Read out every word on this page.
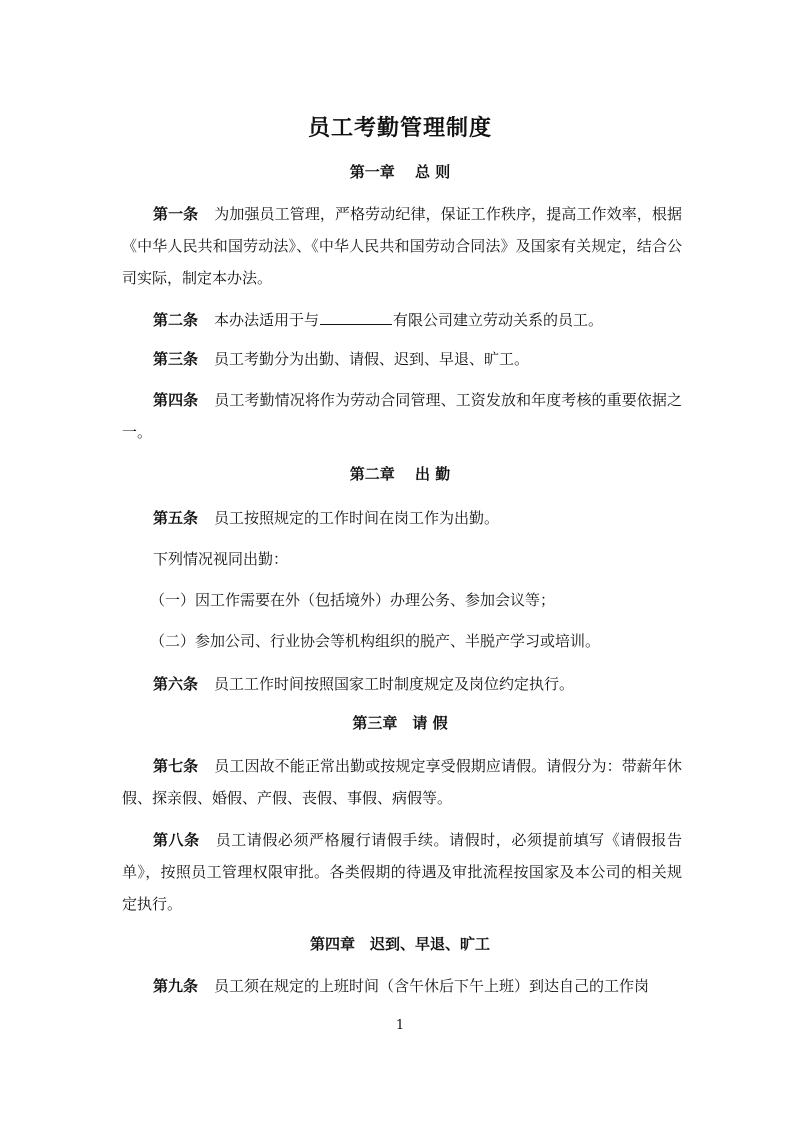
员工考勤管理制度
第一章　 总 则
第一条 为加强员工管理，严格劳动纪律，保证工作秩序，提高工作效率，根据《中华人民共和国劳动法》、《中华人民共和国劳动合同法》及国家有关规定，结合公司实际，制定本办法。
第二条 本办法适用于与	有限公司建立劳动关系的员工。
第三条 员工考勤分为出勤、请假、迟到、早退、旷工。
第四条 员工考勤情况将作为劳动合同管理、工资发放和年度考核的重要依据之一。
第二章　 出 勤
第五条 员工按照规定的工作时间在岗工作为出勤。
下列情况视同出勤：
（一）因工作需要在外（包括境外）办理公务、参加会议等；
（二）参加公司、行业协会等机构组织的脱产、半脱产学习或培训。
第六条 员工工作时间按照国家工时制度规定及岗位约定执行。
第三章　请 假
第七条 员工因故不能正常出勤或按规定享受假期应请假。请假分为：带薪年休假、探亲假、婚假、产假、丧假、事假、病假等。
第八条 员工请假必须严格履行请假手续。请假时，必须提前填写《请假报告单》，按照员工管理权限审批。各类假期的待遇及审批流程按国家及本公司的相关规定执行。
第四章　迟到、早退、旷工
第九条 员工须在规定的上班时间（含午休后下午上班）到达自己的工作岗
1
